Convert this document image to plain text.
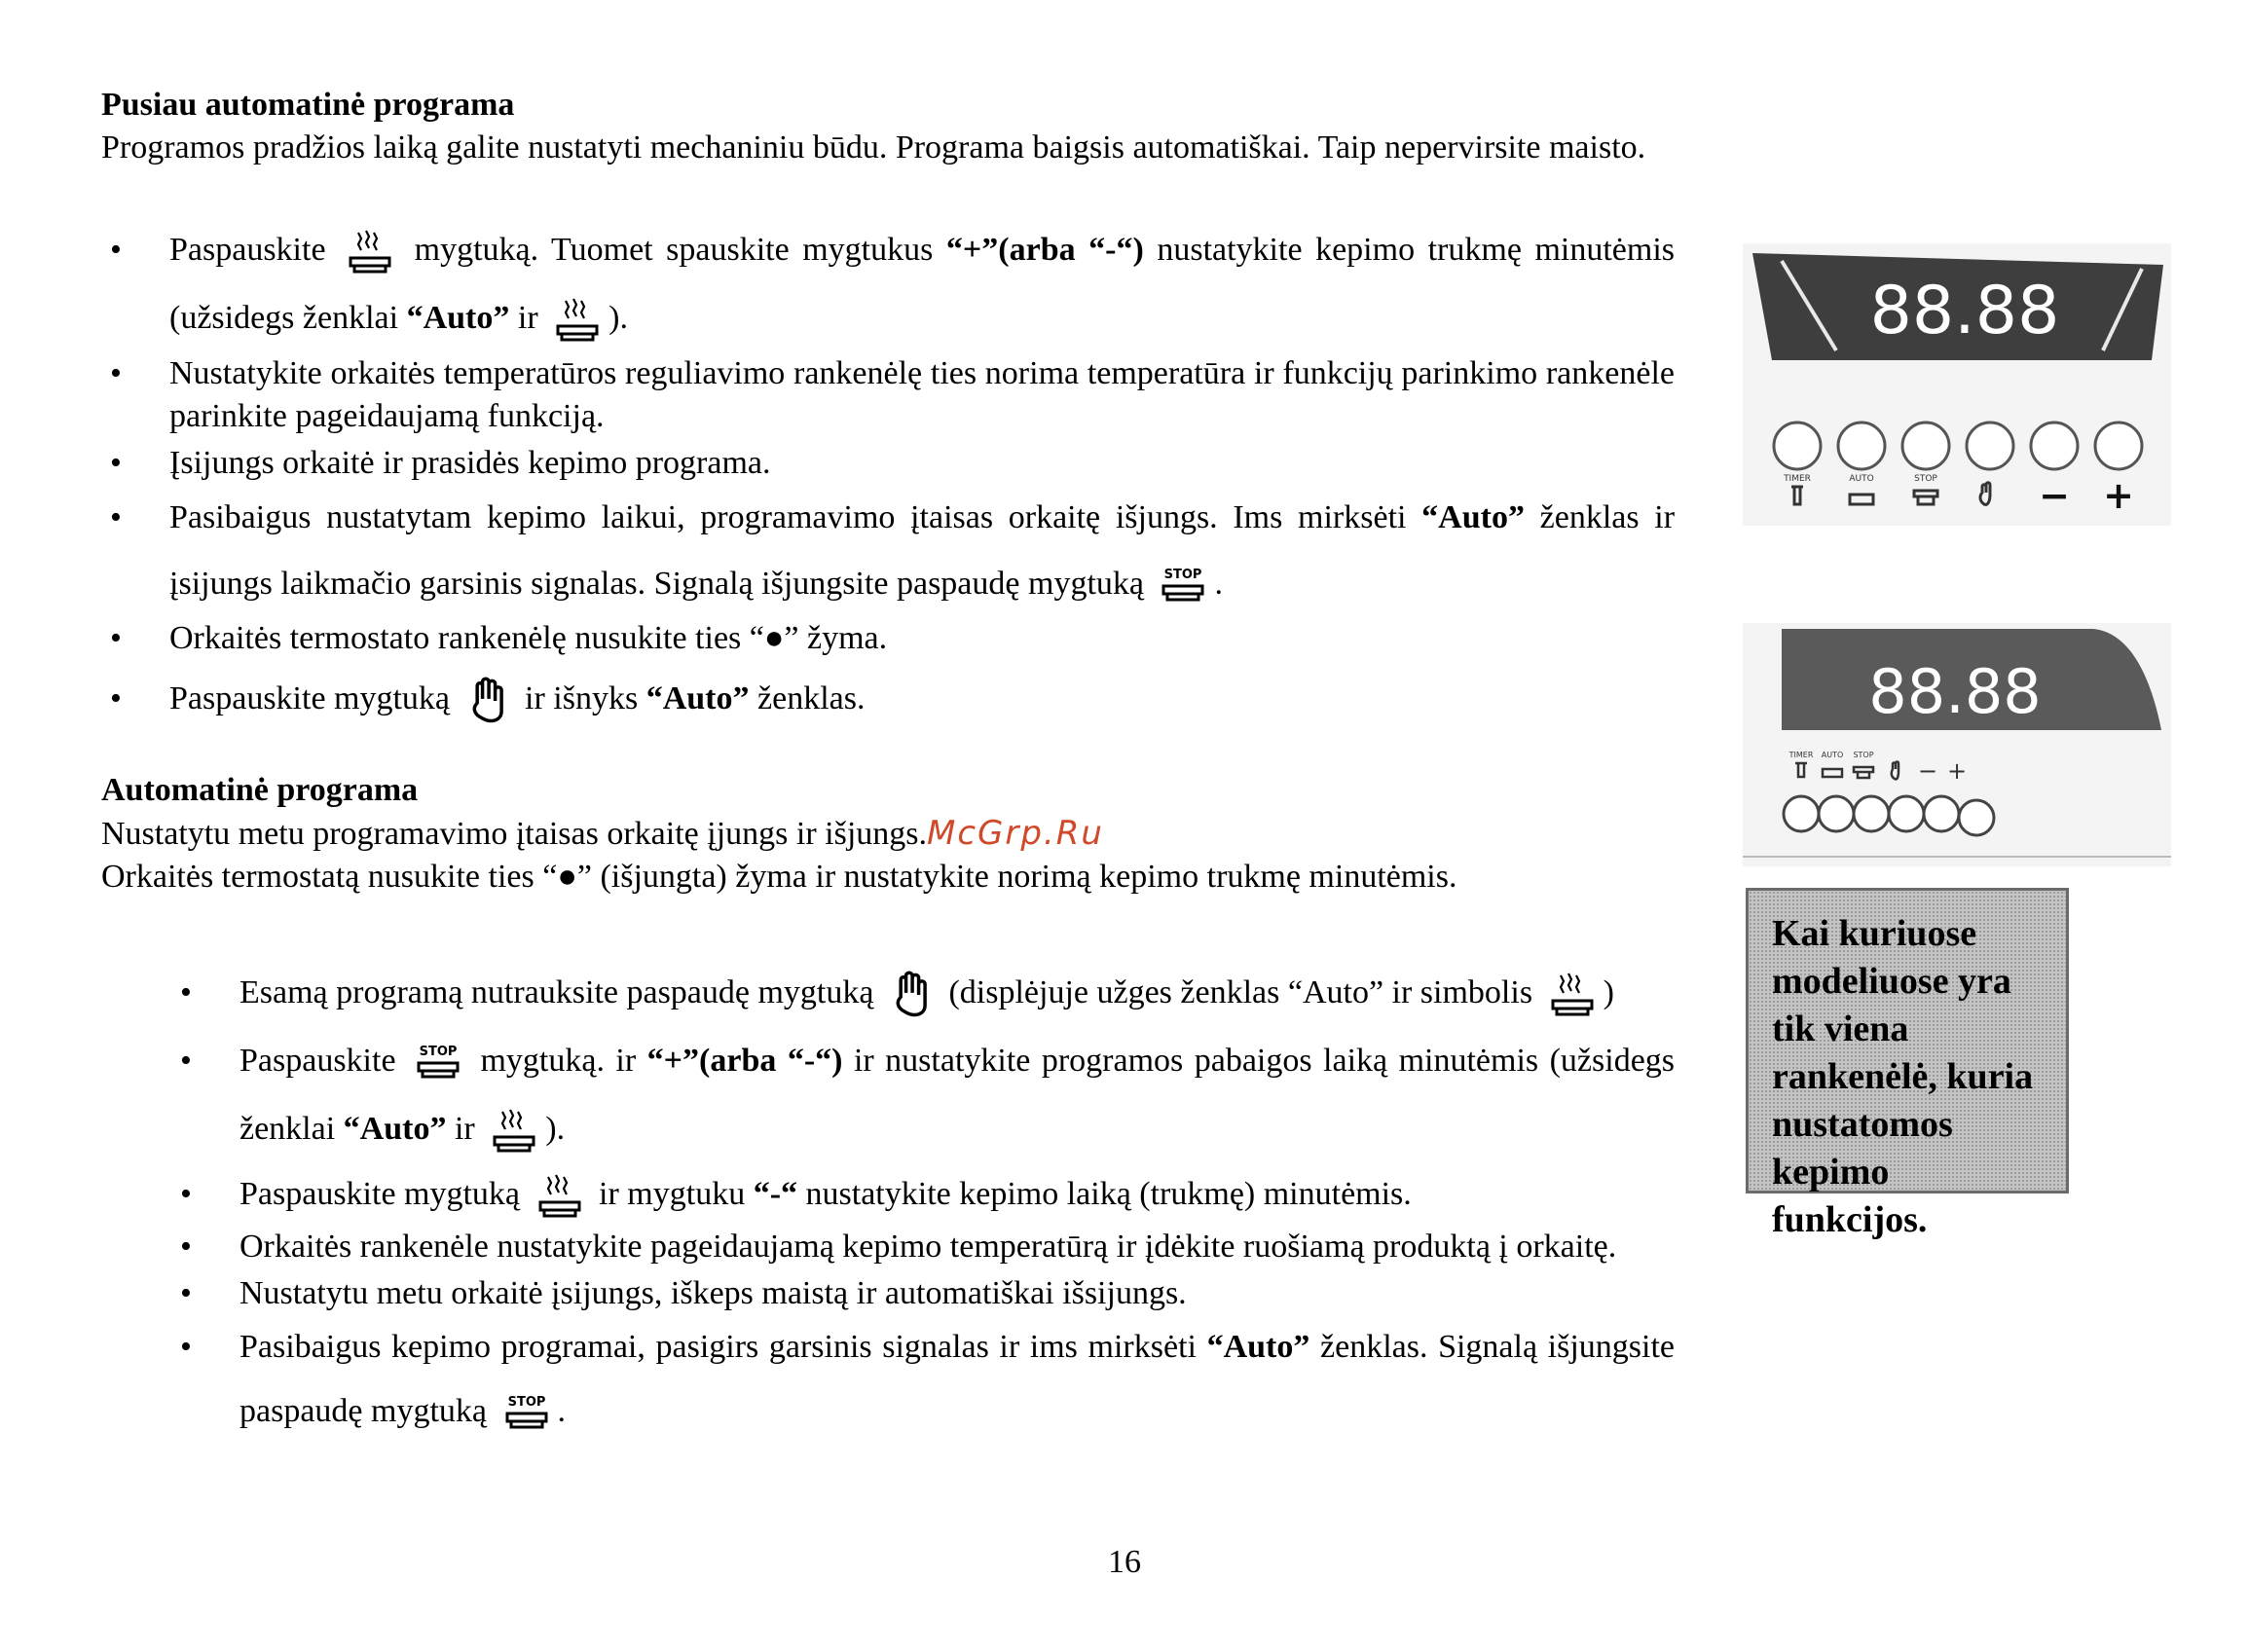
Pusiau automatinė programa
Programos pradžios laiką galite nustatyti mechaniniu būdu. Programa baigsis automatiškai. Taip nepervirsite maisto.
• Paspauskite	mygtuką. Tuomet spauskite mygtukus “+”(arba “-“) nustatykite kepimo trukmę minutėmis (užsidegs ženklai “Auto” ir ).
• Nustatykite orkaitės temperatūros reguliavimo rankenėlę ties norima temperatūra ir funkcijų parinkimo rankenėle parinkite pageidaujamą funkciją.
• Įsijungs orkaitė ir prasidės kepimo programa.
• Pasibaigus nustatytam kepimo laikui, programavimo įtaisas orkaitę išjungs. Ims mirksėti “Auto” ženklas ir įsijungs laikmačio garsinis signalas. Signalą išjungsite paspaudę mygtuką .
• Orkaitės termostato rankenėlę nusukite ties “●” žyma.
• Paspauskite mygtuką ir išnyks “Auto” ženklas.
Automatinė programa
Nustatytu metu programavimo įtaisas orkaitę įjungs ir išjungs.McGrp.Ru
Orkaitės termostatą nusukite ties “●” (išjungta) žyma ir nustatykite norimą kepimo trukmę minutėmis.
• Esamą programą nutrauksite paspaudę mygtuką (displėjuje užges ženklas “Auto” ir simbolis )
• Paspauskite	mygtuką. ir “+”(arba “-“) ir nustatykite programos pabaigos laiką minutėmis (užsidegs ženklai “Auto” ir ).
• Paspauskite mygtuką ir mygtuku “-“ nustatykite kepimo laiką (trukmę) minutėmis.
• Orkaitės rankenėle nustatykite pageidaujamą kepimo temperatūrą ir įdėkite ruošiamą produktą į orkaitę.
• Nustatytu metu orkaitė įsijungs, iškeps maistą ir automatiškai išsijungs.
• Pasibaigus kepimo programai, pasigirs garsinis signalas ir ims mirksėti “Auto” ženklas. Signalą išjungsite paspaudę mygtuką .
16
88.88
TIMER	AUTO	STOP	− +
88.88
TIMER AUTO STOP
− +
Kai kuriuose modeliuose yra tik viena rankenėlė, kuria nustatomos kepimo funkcijos.
